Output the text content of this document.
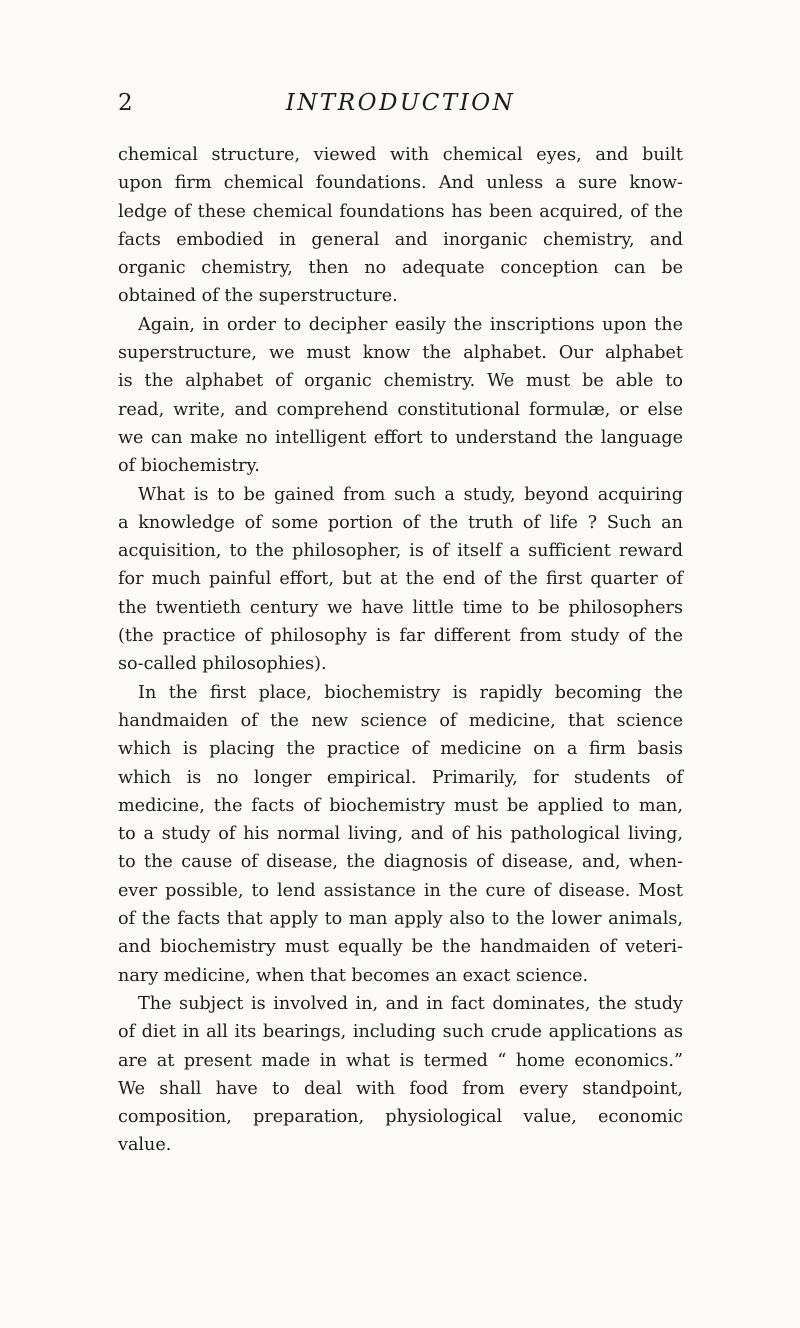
2	INTRODUCTION
chemical structure, viewed with chemical eyes, and built
upon firm chemical foundations. And unless a sure know-
ledge of these chemical foundations has been acquired, of the
facts embodied in general and inorganic chemistry, and
organic chemistry, then no adequate conception can be
obtained of the superstructure.
Again, in order to decipher easily the inscriptions upon the
superstructure, we must know the alphabet. Our alphabet
is the alphabet of organic chemistry. We must be able to
read, write, and comprehend constitutional formulæ, or else
we can make no intelligent effort to understand the language
of biochemistry.
What is to be gained from such a study, beyond acquiring
a knowledge of some portion of the truth of life ? Such an
acquisition, to the philosopher, is of itself a sufficient reward
for much painful effort, but at the end of the first quarter of
the twentieth century we have little time to be philosophers
(the practice of philosophy is far different from study of the
so-called philosophies).
In the first place, biochemistry is rapidly becoming the
handmaiden of the new science of medicine, that science
which is placing the practice of medicine on a firm basis
which is no longer empirical. Primarily, for students of
medicine, the facts of biochemistry must be applied to man,
to a study of his normal living, and of his pathological living,
to the cause of disease, the diagnosis of disease, and, when-
ever possible, to lend assistance in the cure of disease. Most
of the facts that apply to man apply also to the lower animals,
and biochemistry must equally be the handmaiden of veteri-
nary medicine, when that becomes an exact science.
The subject is involved in, and in fact dominates, the study
of diet in all its bearings, including such crude applications as
are at present made in what is termed “ home economics.”
We shall have to deal with food from every standpoint,
composition, preparation, physiological value, economic
value.
